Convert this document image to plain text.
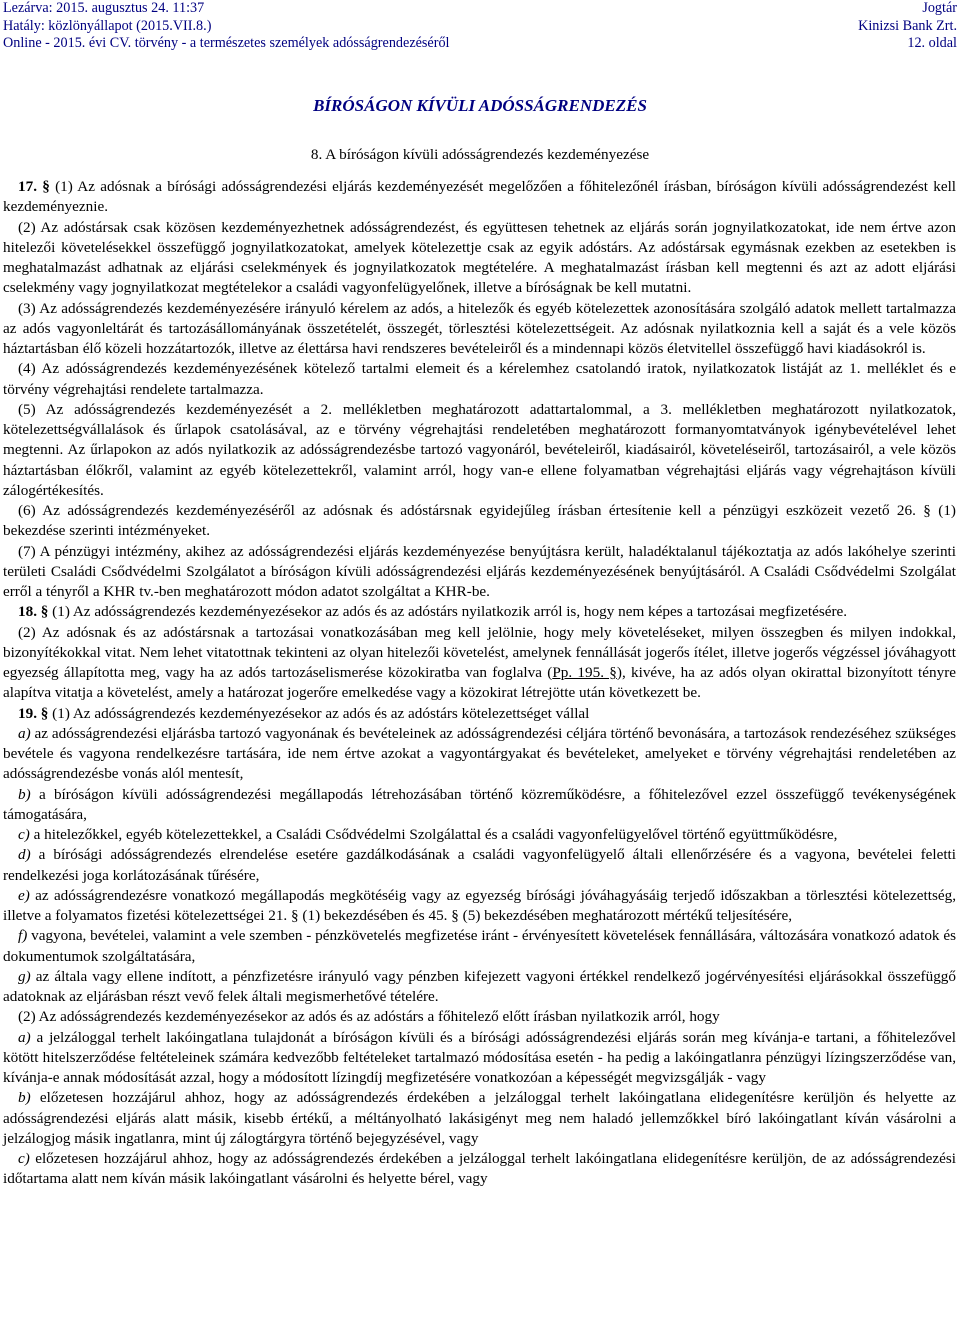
Lezárva: 2015. augusztus 24. 11:37	Jogtár
Hatály: közlönyállapot (2015.VII.8.)	Kinizsi Bank Zrt.
Online - 2015. évi CV. törvény - a természetes személyek adósságrendezéséről	12. oldal
BÍRÓSÁGON KÍVÜLI ADÓSSÁGRENDEZÉS
8. A bíróságon kívüli adósságrendezés kezdeményezése

17. § (1) Az adósnak a bírósági adósságrendezési eljárás kezdeményezését megelőzően a főhitelezőnél írásban, bíróságon kívüli adósságrendezést kell kezdeményeznie.

(2) Az adóstársak csak közösen kezdeményezhetnek adósságrendezést, és együttesen tehetnek az eljárás során jognyilatkozatokat, ide nem értve azon hitelezői követelésekkel összefüggő jognyilatkozatokat, amelyek kötelezettje csak az egyik adóstárs. Az adóstársak egymásnak ezekben az esetekben is meghatalmazást adhatnak az eljárási cselekmények és jognyilatkozatok megtételére. A meghatalmazást írásban kell megtenni és azt az adott eljárási cselekmény vagy jognyilatkozat megtételekor a családi vagyonfelügyelőnek, illetve a bíróságnak be kell mutatni.

(3) Az adósságrendezés kezdeményezésére irányuló kérelem az adós, a hitelezők és egyéb kötelezettek azonosítására szolgáló adatok mellett tartalmazza az adós vagyonleltárát és tartozásállományának összetételét, összegét, törlesztési kötelezettségeit. Az adósnak nyilatkoznia kell a saját és a vele közös háztartásban élő közeli hozzátartozók, illetve az élettársa havi rendszeres bevételeiről és a mindennapi közös életvitellel összefüggő havi kiadásokról is.

(4) Az adósságrendezés kezdeményezésének kötelező tartalmi elemeit és a kérelemhez csatolandó iratok, nyilatkozatok listáját az 1. melléklet és e törvény végrehajtási rendelete tartalmazza.

(5) Az adósságrendezés kezdeményezését a 2. mellékletben meghatározott adattartalommal, a 3. mellékletben meghatározott nyilatkozatok, kötelezettségvállalások és űrlapok csatolásával, az e törvény végrehajtási rendeletében meghatározott formanyomtatványok igénybevételével lehet megtenni. Az űrlapokon az adós nyilatkozik az adósságrendezésbe tartozó vagyonáról, bevételeiről, kiadásairól, követeléseiről, tartozásairól, a vele közös háztartásban élőkről, valamint az egyéb kötelezettekről, valamint arról, hogy van-e ellene folyamatban végrehajtási eljárás vagy végrehajtáson kívüli zálogértékesítés.

(6) Az adósságrendezés kezdeményezéséről az adósnak és adóstársnak egyidejűleg írásban értesítenie kell a pénzügyi eszközeit vezető 26. § (1) bekezdése szerinti intézményeket.

(7) A pénzügyi intézmény, akihez az adósságrendezési eljárás kezdeményezése benyújtásra került, haladéktalanul tájékoztatja az adós lakóhelye szerinti területi Családi Csődvédelmi Szolgálatot a bíróságon kívüli adósságrendezési eljárás kezdeményezésének benyújtásáról. A Családi Csődvédelmi Szolgálat erről a tényről a KHR tv.-ben meghatározott módon adatot szolgáltat a KHR-be.

18. § (1) Az adósságrendezés kezdeményezésekor az adós és az adóstárs nyilatkozik arról is, hogy nem képes a tartozásai megfizetésére.

(2) Az adósnak és az adóstársnak a tartozásai vonatkozásában meg kell jelölnie, hogy mely követeléseket, milyen összegben és milyen indokkal, bizonyítékokkal vitat. Nem lehet vitatottnak tekinteni az olyan hitelezői követelést, amelynek fennállását jogerős ítélet, illetve jogerős végzéssel jóváhagyott egyezség állapította meg, vagy ha az adós tartozáselismerése közokiratba van foglalva (Pp. 195. §), kivéve, ha az adós olyan okirattal bizonyított tényre alapítva vitatja a követelést, amely a határozat jogerőre emelkedése vagy a közokirat létrejötte után következett be.

19. § (1) Az adósságrendezés kezdeményezésekor az adós és az adóstárs kötelezettséget vállal

a) az adósságrendezési eljárásba tartozó vagyonának és bevételeinek az adósságrendezési céljára történő bevonására, a tartozások rendezéséhez szükséges bevétele és vagyona rendelkezésre tartására, ide nem értve azokat a vagyontárgyakat és bevételeket, amelyeket e törvény végrehajtási rendeletében az adósságrendezésbe vonás alól mentesít,

b) a bíróságon kívüli adósságrendezési megállapodás létrehozásában történő közreműködésre, a főhitelezővel ezzel összefüggő tevékenységének támogatására,

c) a hitelezőkkel, egyéb kötelezettekkel, a Családi Csődvédelmi Szolgálattal és a családi vagyonfelügyelővel történő együttműködésre,

d) a bírósági adósságrendezés elrendelése esetére gazdálkodásának a családi vagyonfelügyelő általi ellenőrzésére és a vagyona, bevételei feletti rendelkezési joga korlátozásának tűrésére,

e) az adósságrendezésre vonatkozó megállapodás megkötéséig vagy az egyezség bírósági jóváhagyásáig terjedő időszakban a törlesztési kötelezettség, illetve a folyamatos fizetési kötelezettségei 21. § (1) bekezdésében és 45. § (5) bekezdésében meghatározott mértékű teljesítésére,

f) vagyona, bevételei, valamint a vele szemben - pénzkövetelés megfizetése iránt - érvényesített követelések fennállására, változására vonatkozó adatok és dokumentumok szolgáltatására,

g) az általa vagy ellene indított, a pénzfizetésre irányuló vagy pénzben kifejezett vagyoni értékkel rendelkező jogérvényesítési eljárásokkal összefüggő adatoknak az eljárásban részt vevő felek általi megismerhetővé tételére.

(2) Az adósságrendezés kezdeményezésekor az adós és az adóstárs a főhitelező előtt írásban nyilatkozik arról, hogy

a) a jelzáloggal terhelt lakóingatlana tulajdonát a bíróságon kívüli és a bírósági adósságrendezési eljárás során meg kívánja-e tartani, a főhitelezővel kötött hitelszerződése feltételeinek számára kedvezőbb feltételeket tartalmazó módosítása esetén - ha pedig a lakóingatlanra pénzügyi lízingszerződése van, kívánja-e annak módosítását azzal, hogy a módosított lízingdíj megfizetésére vonatkozóan a képességét megvizsgálják - vagy

b) előzetesen hozzájárul ahhoz, hogy az adósságrendezés érdekében a jelzáloggal terhelt lakóingatlana elidegenítésre kerüljön és helyette az adósságrendezési eljárás alatt másik, kisebb értékű, a méltányolható lakásigényt meg nem haladó jellemzőkkel bíró lakóingatlant kíván vásárolni a jelzálogjog másik ingatlanra, mint új zálogtárgyra történő bejegyzésével, vagy

c) előzetesen hozzájárul ahhoz, hogy az adósságrendezés érdekében a jelzáloggal terhelt lakóingatlana elidegenítésre kerüljön, de az adósságrendezési időtartama alatt nem kíván másik lakóingatlant vásárolni és helyette bérel, vagy
